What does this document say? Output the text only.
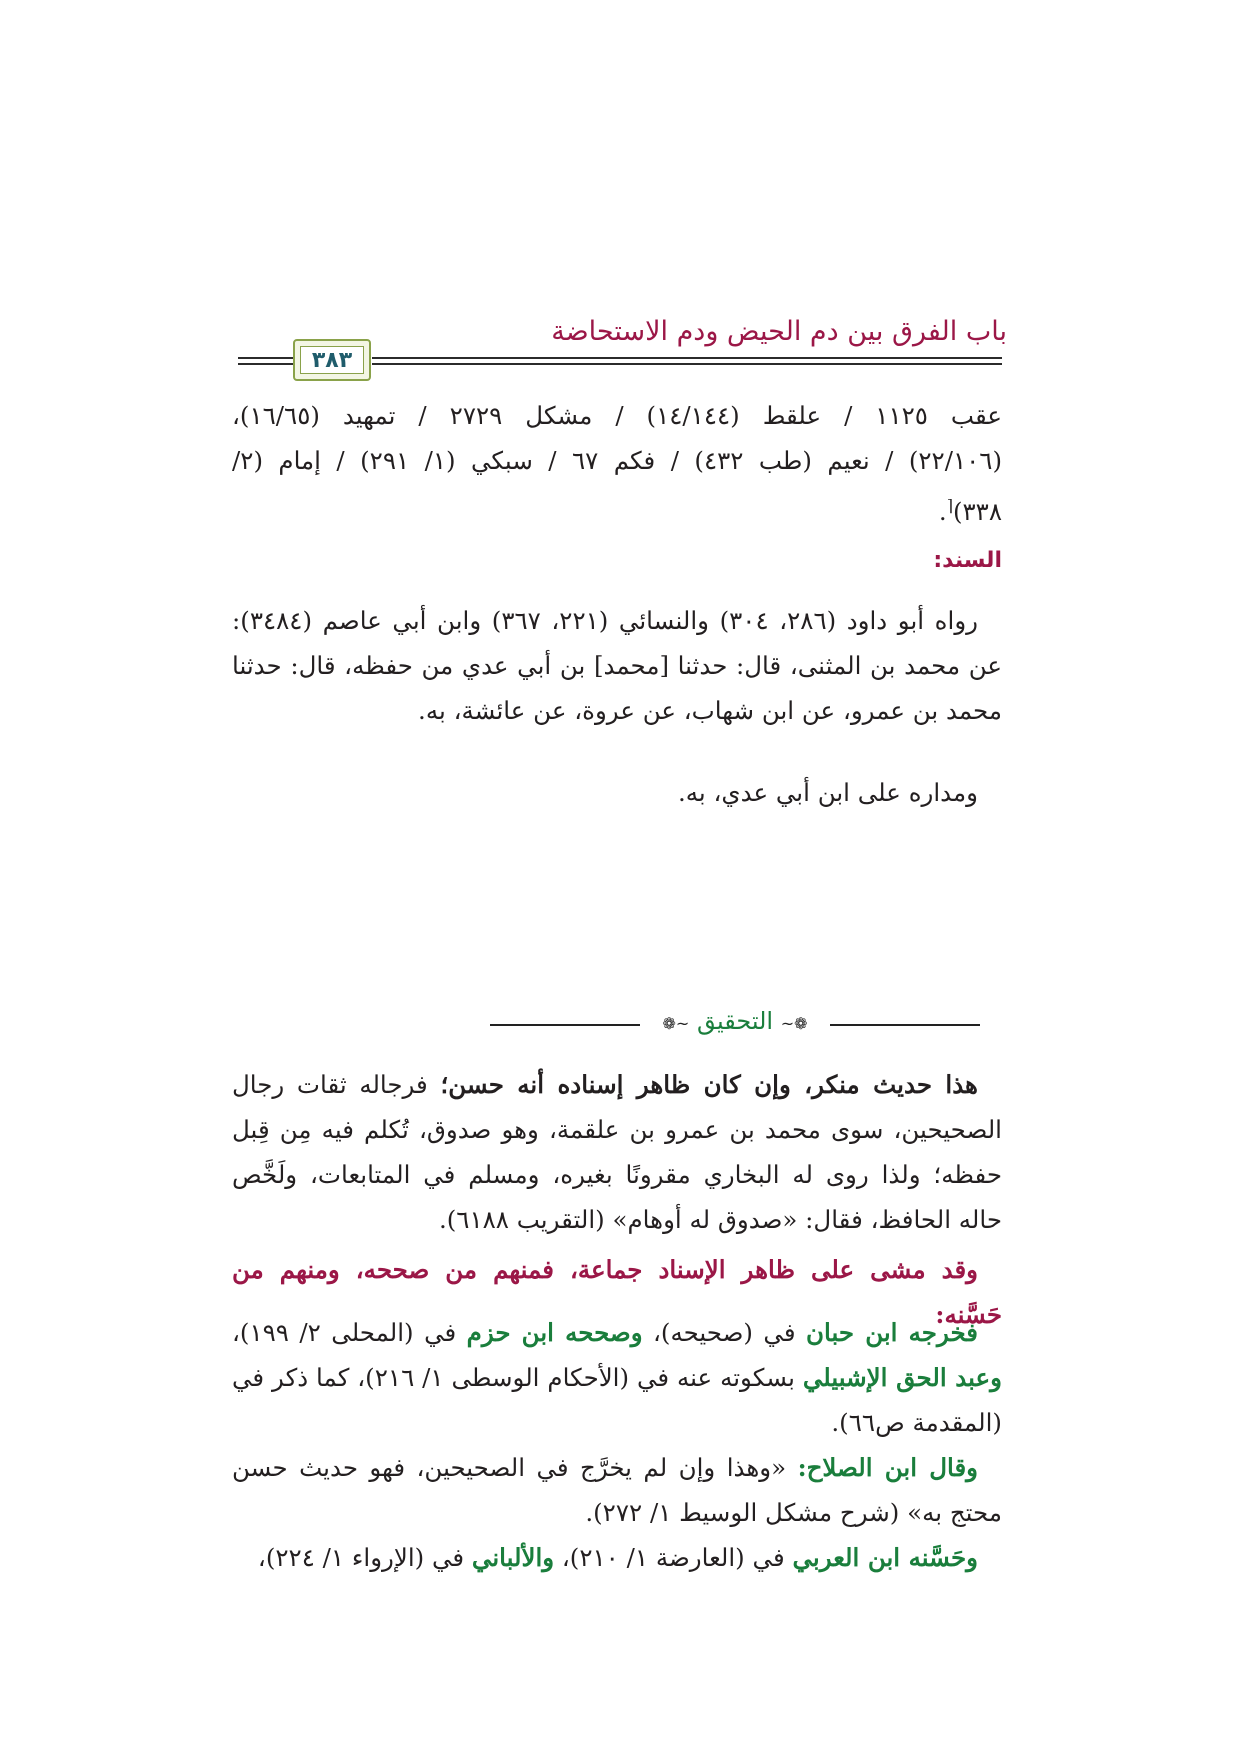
باب الفرق بين دم الحيض ودم الاستحاضة
٣٨٣
عقب ١١٢٥ / علقط (١٤/١٤٤) / مشكل ٢٧٢٩ / تمهيد (١٦/٦٥)،
(٢٢/١٠٦) / نعيم (طب ٤٣٢) / فكم ٦٧ / سبكي (١/ ٢٩١) / إمام (٢/
٣٣٨)⌈.
السند:
رواه أبو داود (٢٨٦، ٣٠٤) والنسائي (٢٢١، ٣٦٧) وابن أبي عاصم (٣٤٨٤): عن محمد بن المثنى، قال: حدثنا [محمد] بن أبي عدي من حفظه، قال: حدثنا محمد بن عمرو، عن ابن شهاب، عن عروة، عن عائشة، به.
ومداره على ابن أبي عدي، به.
❁~ التحقيق ~❁
هذا حديث منكر، وإن كان ظاهر إسناده أنه حسن؛ فرجاله ثقات رجال الصحيحين، سوى محمد بن عمرو بن علقمة، وهو صدوق، تُكلم فيه مِن قِبل حفظه؛ ولذا روى له البخاري مقرونًا بغيره، ومسلم في المتابعات، ولَخَّص حاله الحافظ، فقال: «صدوق له أوهام» (التقريب ٦١٨٨).
وقد مشى على ظاهر الإسناد جماعة، فمنهم من صححه، ومنهم من حَسَّنه:
فخرجه ابن حبان في (صحيحه)، وصححه ابن حزم في (المحلى ٢/ ١٩٩)، وعبد الحق الإشبيلي بسكوته عنه في (الأحكام الوسطى ١/ ٢١٦)، كما ذكر في (المقدمة ص٦٦).
وقال ابن الصلاح: «وهذا وإن لم يخرَّج في الصحيحين، فهو حديث حسن محتج به» (شرح مشكل الوسيط ١/ ٢٧٢).
وحَسَّنه ابن العربي في (العارضة ١/ ٢١٠)، والألباني في (الإرواء ١/ ٢٢٤)،
